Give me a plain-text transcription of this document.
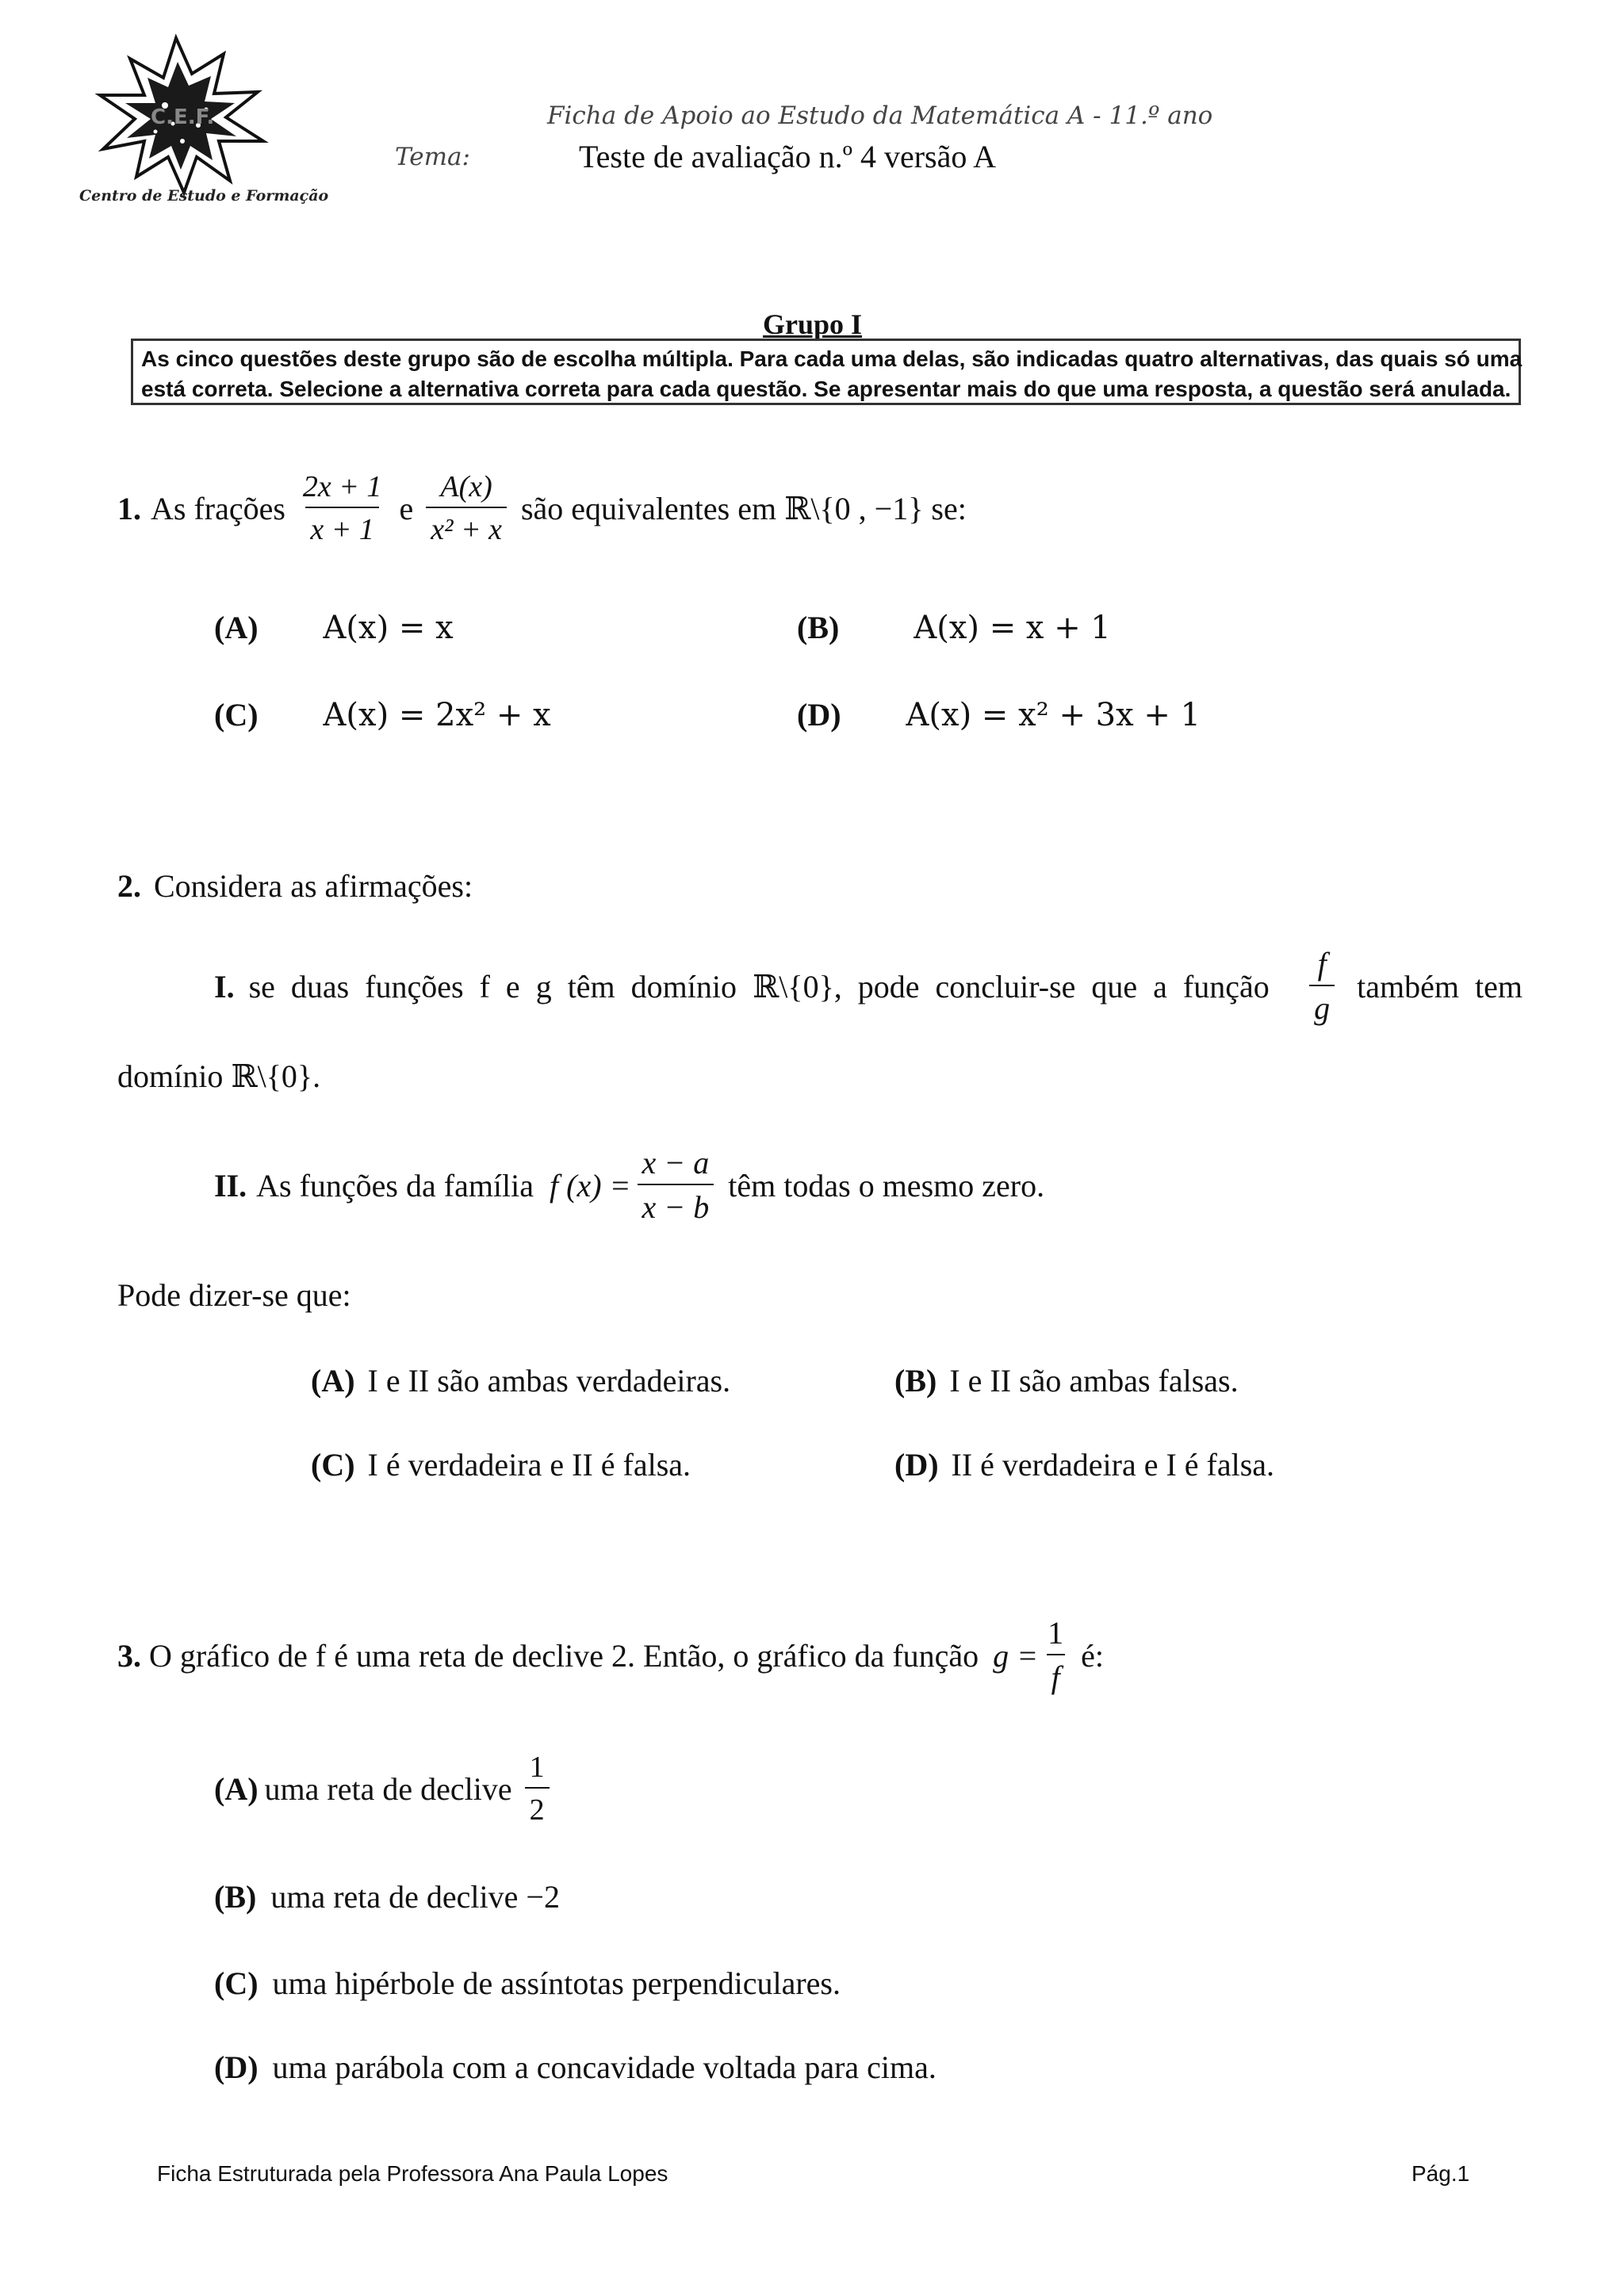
C.E.F.
Centro de Estudo e Formação
Ficha de Apoio ao Estudo da Matemática A - 11.º ano
Tema:	Teste de avaliação n.º 4 versão A
Grupo I
As cinco questões deste grupo são de escolha múltipla. Para cada uma delas, são indicadas quatro alternativas, das quais só uma
está correta. Selecione a alternativa correta para cada questão. Se apresentar mais do que uma resposta, a questão será anulada.
1. As frações $\frac{2x + 1}{x + 1}$ e $\frac{A(x)}{\text{x² + x}}$ são equivalentes em ℝ\{0 , −1} se:
(A) A(x) = x	(B) A(x) = x + 1
(C) A(x) = 2x² + x	(D) A(x) = x² + 3x + 1
2. Considera as afirmações:
I. se duas funções f e g têm domínio ℝ\{0}, pode concluir-se que a função	$\frac{f}{g}$ também tem
domínio ℝ\{0}.
II. As funções da família f $(x) = \frac{x - a}{x - b}$ têm todas o mesmo zero.
Pode dizer-se que:
(A) I e II são ambas verdadeiras.	(B) I e II são ambas falsas.
(C) I é verdadeira e II é falsa.	(D) II é verdadeira e I é falsa.
3. O gráfico de f é uma reta de declive 2. Então, o gráfico da função $g = \frac{1}{f}$ é:
(A) uma reta de declive $\frac{1}{2}$
(B) uma reta de declive −2
(C) uma hipérbole de assíntotas perpendiculares.
(D) uma parábola com a concavidade voltada para cima.
Ficha Estruturada pela Professora Ana Paula Lopes	Pág.1
